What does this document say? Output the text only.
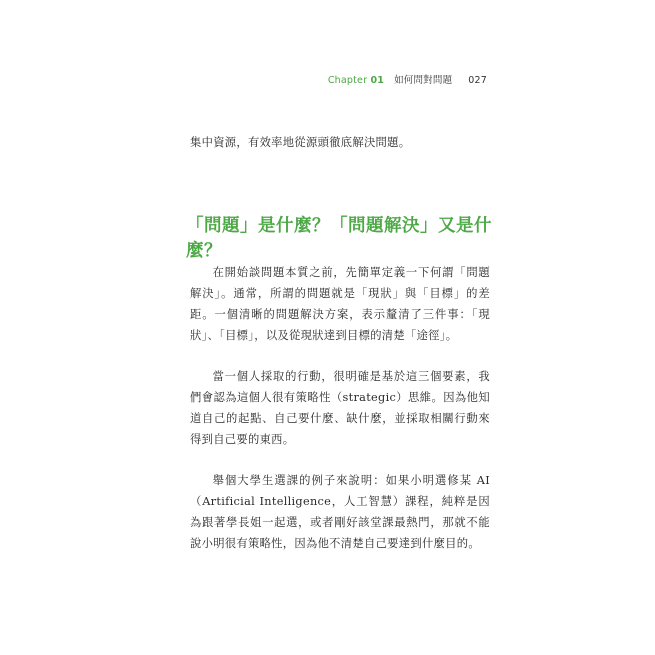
Chapter 01 如何問對問題 027

集中資源，有效率地從源頭徹底解決問題。

「問題」是什麼？「問題解決」又是什麼？

在開始談問題本質之前，先簡單定義一下何謂「問題解決」。通常，所謂的問題就是「現狀」與「目標」的差距。一個清晰的問題解決方案，表示釐清了三件事：「現狀」、「目標」，以及從現狀達到目標的清楚「途徑」。

當一個人採取的行動，很明確是基於這三個要素，我們會認為這個人很有策略性（strategic）思維。因為他知道自己的起點、自己要什麼、缺什麼，並採取相關行動來得到自己要的東西。

舉個大學生選課的例子來說明：如果小明選修某 AI（Artificial Intelligence，人工智慧）課程，純粹是因為跟著學長姐一起選，或者剛好該堂課最熱門，那就不能說小明很有策略性，因為他不清楚自己要達到什麼目的。
